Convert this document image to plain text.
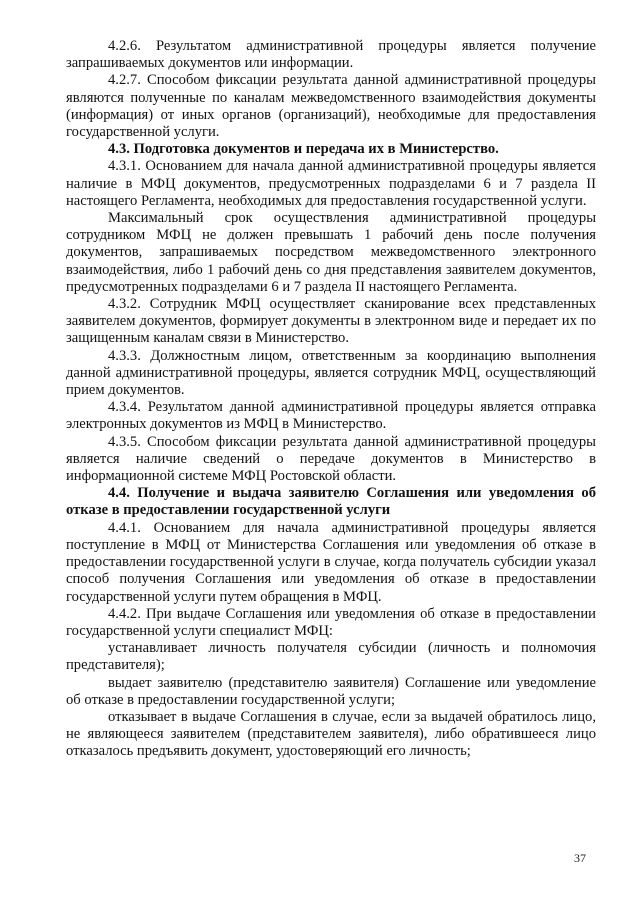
4.2.6. Результатом административной процедуры является получение запрашиваемых документов или информации.

4.2.7. Способом фиксации результата данной административной процедуры являются полученные по каналам межведомственного взаимодействия документы (информация) от иных органов (организаций), необходимые для предоставления государственной услуги.

4.3. Подготовка документов и передача их в Министерство.

4.3.1. Основанием для начала данной административной процедуры является наличие в МФЦ документов, предусмотренных подразделами 6 и 7 раздела II настоящего Регламента, необходимых для предоставления государственной услуги.

Максимальный срок осуществления административной процедуры сотрудником МФЦ не должен превышать 1 рабочий день после получения документов, запрашиваемых посредством межведомственного электронного взаимодействия, либо 1 рабочий день со дня представления заявителем документов, предусмотренных подразделами 6 и 7 раздела II настоящего Регламента.

4.3.2. Сотрудник МФЦ осуществляет сканирование всех представленных заявителем документов, формирует документы в электронном виде и передает их по защищенным каналам связи в Министерство.

4.3.3. Должностным лицом, ответственным за координацию выполнения данной административной процедуры, является сотрудник МФЦ, осуществляющий прием документов.

4.3.4. Результатом данной административной процедуры является отправка электронных документов из МФЦ в Министерство.

4.3.5. Способом фиксации результата данной административной процедуры является наличие сведений о передаче документов в Министерство в информационной системе МФЦ Ростовской области.

4.4. Получение и выдача заявителю Соглашения или уведомления об отказе в предоставлении государственной услуги

4.4.1. Основанием для начала административной процедуры является поступление в МФЦ от Министерства Соглашения или уведомления об отказе в предоставлении государственной услуги в случае, когда получатель субсидии указал способ получения Соглашения или уведомления об отказе в предоставлении государственной услуги путем обращения в МФЦ.

4.4.2. При выдаче Соглашения или уведомления об отказе в предоставлении государственной услуги специалист МФЦ:

устанавливает личность получателя субсидии (личность и полномочия представителя);

выдает заявителю (представителю заявителя) Соглашение или уведомление об отказе в предоставлении государственной услуги;

отказывает в выдаче Соглашения в случае, если за выдачей обратилось лицо, не являющееся заявителем (представителем заявителя), либо обратившееся лицо отказалось предъявить документ, удостоверяющий его личность;

37
